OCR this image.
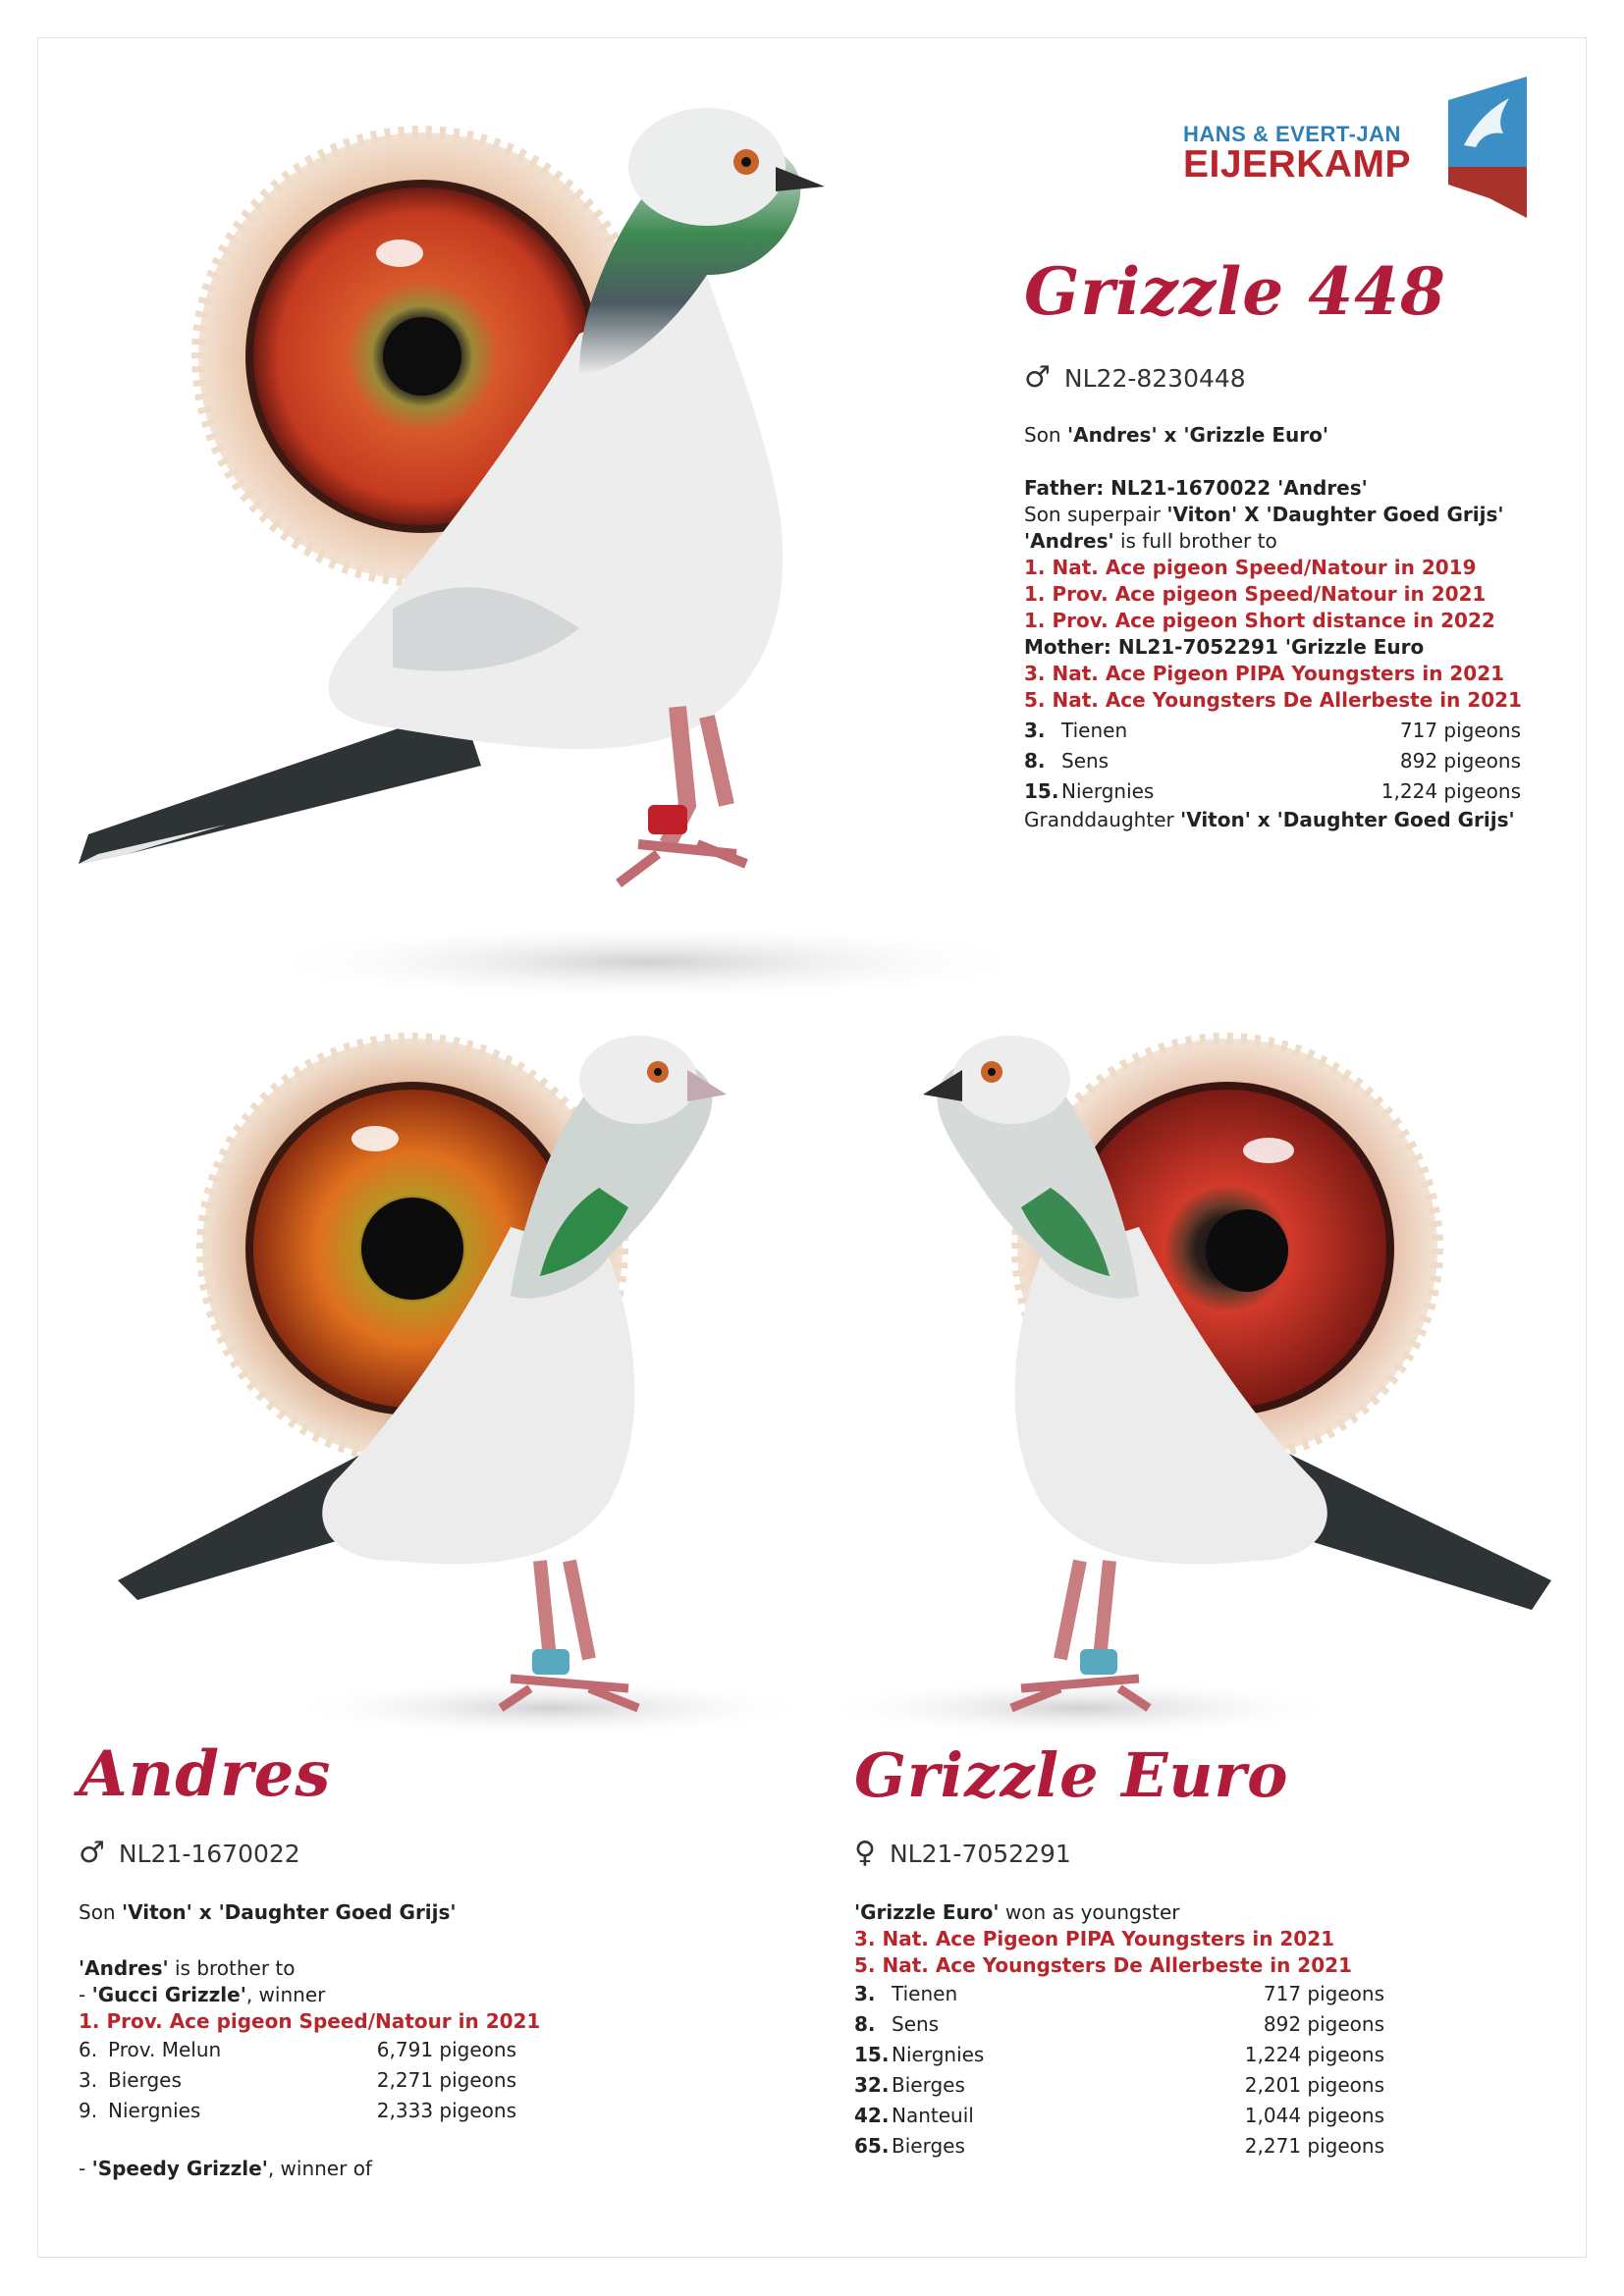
HANS & EVERT-JAN
EIJERKAMP
Grizzle 448
♂ NL22-8230448
Son 'Andres' x 'Grizzle Euro'
Father: NL21-1670022 'Andres'
Son superpair 'Viton' X 'Daughter Goed Grijs'
'Andres' is full brother to
1. Nat. Ace pigeon Speed/Natour in 2019
1. Prov. Ace pigeon Speed/Natour in 2021
1. Prov. Ace pigeon Short distance in 2022
Mother: NL21-7052291 'Grizzle Euro
3. Nat. Ace Pigeon PIPA Youngsters in 2021
5. Nat. Ace Youngsters De Allerbeste in 2021
3. Tienen	717 pigeons
8. Sens	892 pigeons
15. Niergnies	1,224 pigeons
Granddaughter 'Viton' x 'Daughter Goed Grijs'
Andres
♂ NL21-1670022
Son 'Viton' x 'Daughter Goed Grijs'
'Andres' is brother to
- 'Gucci Grizzle', winner
1. Prov. Ace pigeon Speed/Natour in 2021
6. Prov. Melun	6,791 pigeons
3. Bierges	2,271 pigeons
9. Niergnies	2,333 pigeons
- 'Speedy Grizzle', winner of
Grizzle Euro
♀ NL21-7052291
'Grizzle Euro' won as youngster
3. Nat. Ace Pigeon PIPA Youngsters in 2021
5. Nat. Ace Youngsters De Allerbeste in 2021
3. Tienen	717 pigeons
8. Sens	892 pigeons
15. Niergnies	1,224 pigeons
32. Bierges	2,201 pigeons
42. Nanteuil	1,044 pigeons
65. Bierges	2,271 pigeons
